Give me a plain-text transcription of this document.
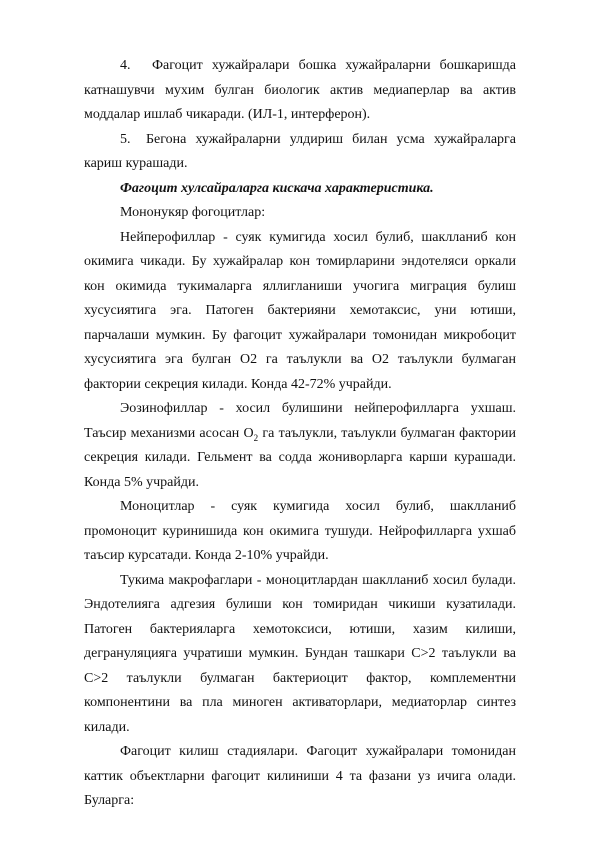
4. Фагоцит хужайралари бошка хужайраларни бошкаришда катнашувчи мухим булган биологик актив медиаперлар ва актив моддалар ишлаб чикаради. (ИЛ-1, интерферон).

5. Бегона хужайраларни улдириш билан усма хужайраларга кариш курашади.

Фагоцит хулсайраларга кискача характеристика.

Мононукяр фогоцитлар:

Нейперофиллар - суяк кумигида хосил булиб, шаклланиб кон окимига чикади. Бу хужайралар кон томирларини эндотеляси оркали кон окимида тукималарга яллигланиши учогига миграция булиш хусусиятига эга. Патоген бактерияни хемотаксис, уни ютиши, парчалаши мумкин. Бу фагоцит хужайралари томонидан микробоцит хусусиятига эга булган О2 га таълукли ва О2 таълукли булмаган фактории секреция килади. Конда 42-72% учрайди.

Эозинофиллар - хосил булишини нейперофилларга ухшаш. Таъсир механизми асосан $О_2$ га таълукли, таълукли булмаган фактории секреция килади. Гельмент ва содда жониворларга карши курашади. Конда 5% учрайди.

Моноцитлар - суяк кумигида хосил булиб, шаклланиб промоноцит куринишида кон окимига тушуди. Нейрофилларга ухшаб таъсир курсатади. Конда 2-10% учрайди.

Тукима макрофаглари - моноцитлардан шаклланиб хосил булади. Эндотелияга адгезия булиши кон томиридан чикиши кузатилади. Патоген бактерияларга хемотоксиси, ютиши, хазим килиши, дегрануляцияга учратиши мумкин. Бундан ташкари С>2 таълукли ва С>2 таълукли булмаган бактериоцит фактор, комплементни компонентини ва пла миноген активаторлари, медиаторлар синтез килади.

Фагоцит килиш стадиялари. Фагоцит хужайралари томонидан каттик объектларни фагоцит килиниши 4 та фазани уз ичига олади. Буларга:
